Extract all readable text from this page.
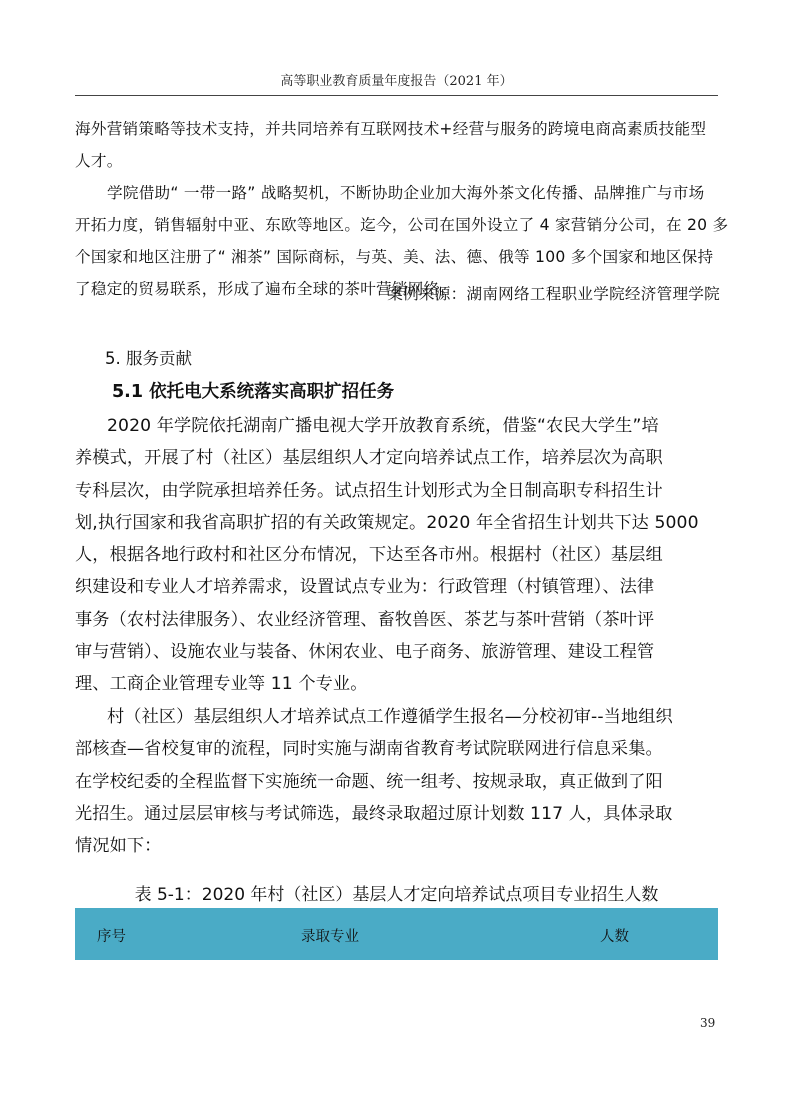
高等职业教育质量年度报告（2021 年）
海外营销策略等技术支持，并共同培养有互联网技术+经营与服务的跨境电商高素质技能型
人才。
学院借助“ 一带一路” 战略契机，不断协助企业加大海外茶文化传播、品牌推广与市场
开拓力度，销售辐射中亚、东欧等地区。迄今，公司在国外设立了 4 家营销分公司，在 20 多
个国家和地区注册了“ 湘茶” 国际商标，与英、美、法、德、俄等 100 多个国家和地区保持
了稳定的贸易联系，形成了遍布全球的茶叶营销网络。
案例来源：湖南网络工程职业学院经济管理学院
5. 服务贡献
5.1 依托电大系统落实高职扩招任务
2020 年学院依托湖南广播电视大学开放教育系统，借鉴“农民大学生”培
养模式，开展了村（社区）基层组织人才定向培养试点工作，培养层次为高职
专科层次，由学院承担培养任务。试点招生计划形式为全日制高职专科招生计
划,执行国家和我省高职扩招的有关政策规定。2020 年全省招生计划共下达 5000
人，根据各地行政村和社区分布情况，下达至各市州。根据村（社区）基层组
织建设和专业人才培养需求，设置试点专业为：行政管理（村镇管理）、法律
事务（农村法律服务）、农业经济管理、畜牧兽医、茶艺与茶叶营销（茶叶评
审与营销）、设施农业与装备、休闲农业、电子商务、旅游管理、建设工程管
理、工商企业管理专业等 11 个专业。
村（社区）基层组织人才培养试点工作遵循学生报名—分校初审--当地组织
部核查—省校复审的流程，同时实施与湖南省教育考试院联网进行信息采集。
在学校纪委的全程监督下实施统一命题、统一组考、按规录取，真正做到了阳
光招生。通过层层审核与考试筛选，最终录取超过原计划数 117 人，具体录取
情况如下：
表 5-1：2020 年村（社区）基层人才定向培养试点项目专业招生人数
序号	录取专业	人数
39
